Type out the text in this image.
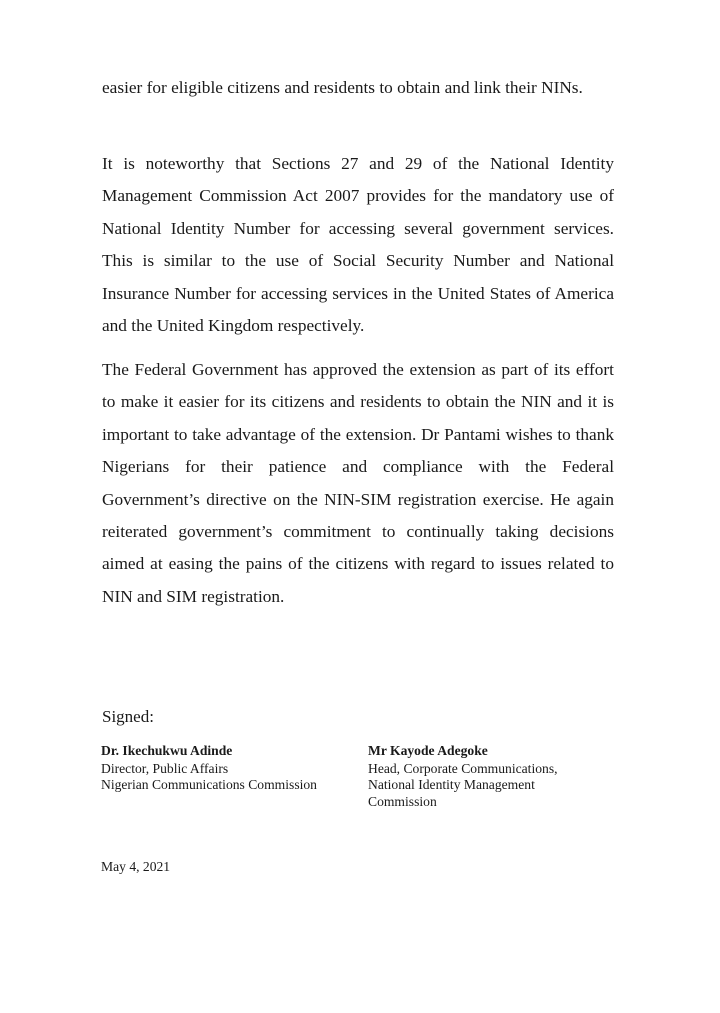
easier for eligible citizens and residents to obtain and link their NINs.

It is noteworthy that Sections 27 and 29 of the National Identity Management Commission Act 2007 provides for the mandatory use of National Identity Number for accessing several government services. This is similar to the use of Social Security Number and National Insurance Number for accessing services in the United States of America and the United Kingdom respectively.

The Federal Government has approved the extension as part of its effort to make it easier for its citizens and residents to obtain the NIN and it is important to take advantage of the extension. Dr Pantami wishes to thank Nigerians for their patience and compliance with the Federal Government’s directive on the NIN-SIM registration exercise. He again reiterated government’s commitment to continually taking decisions aimed at easing the pains of the citizens with regard to issues related to NIN and SIM registration.

Signed:

Dr. Ikechukwu Adinde
Director, Public Affairs
Nigerian Communications Commission
Mr Kayode Adegoke
Head, Corporate Communications,
National Identity Management
Commission

May 4, 2021
